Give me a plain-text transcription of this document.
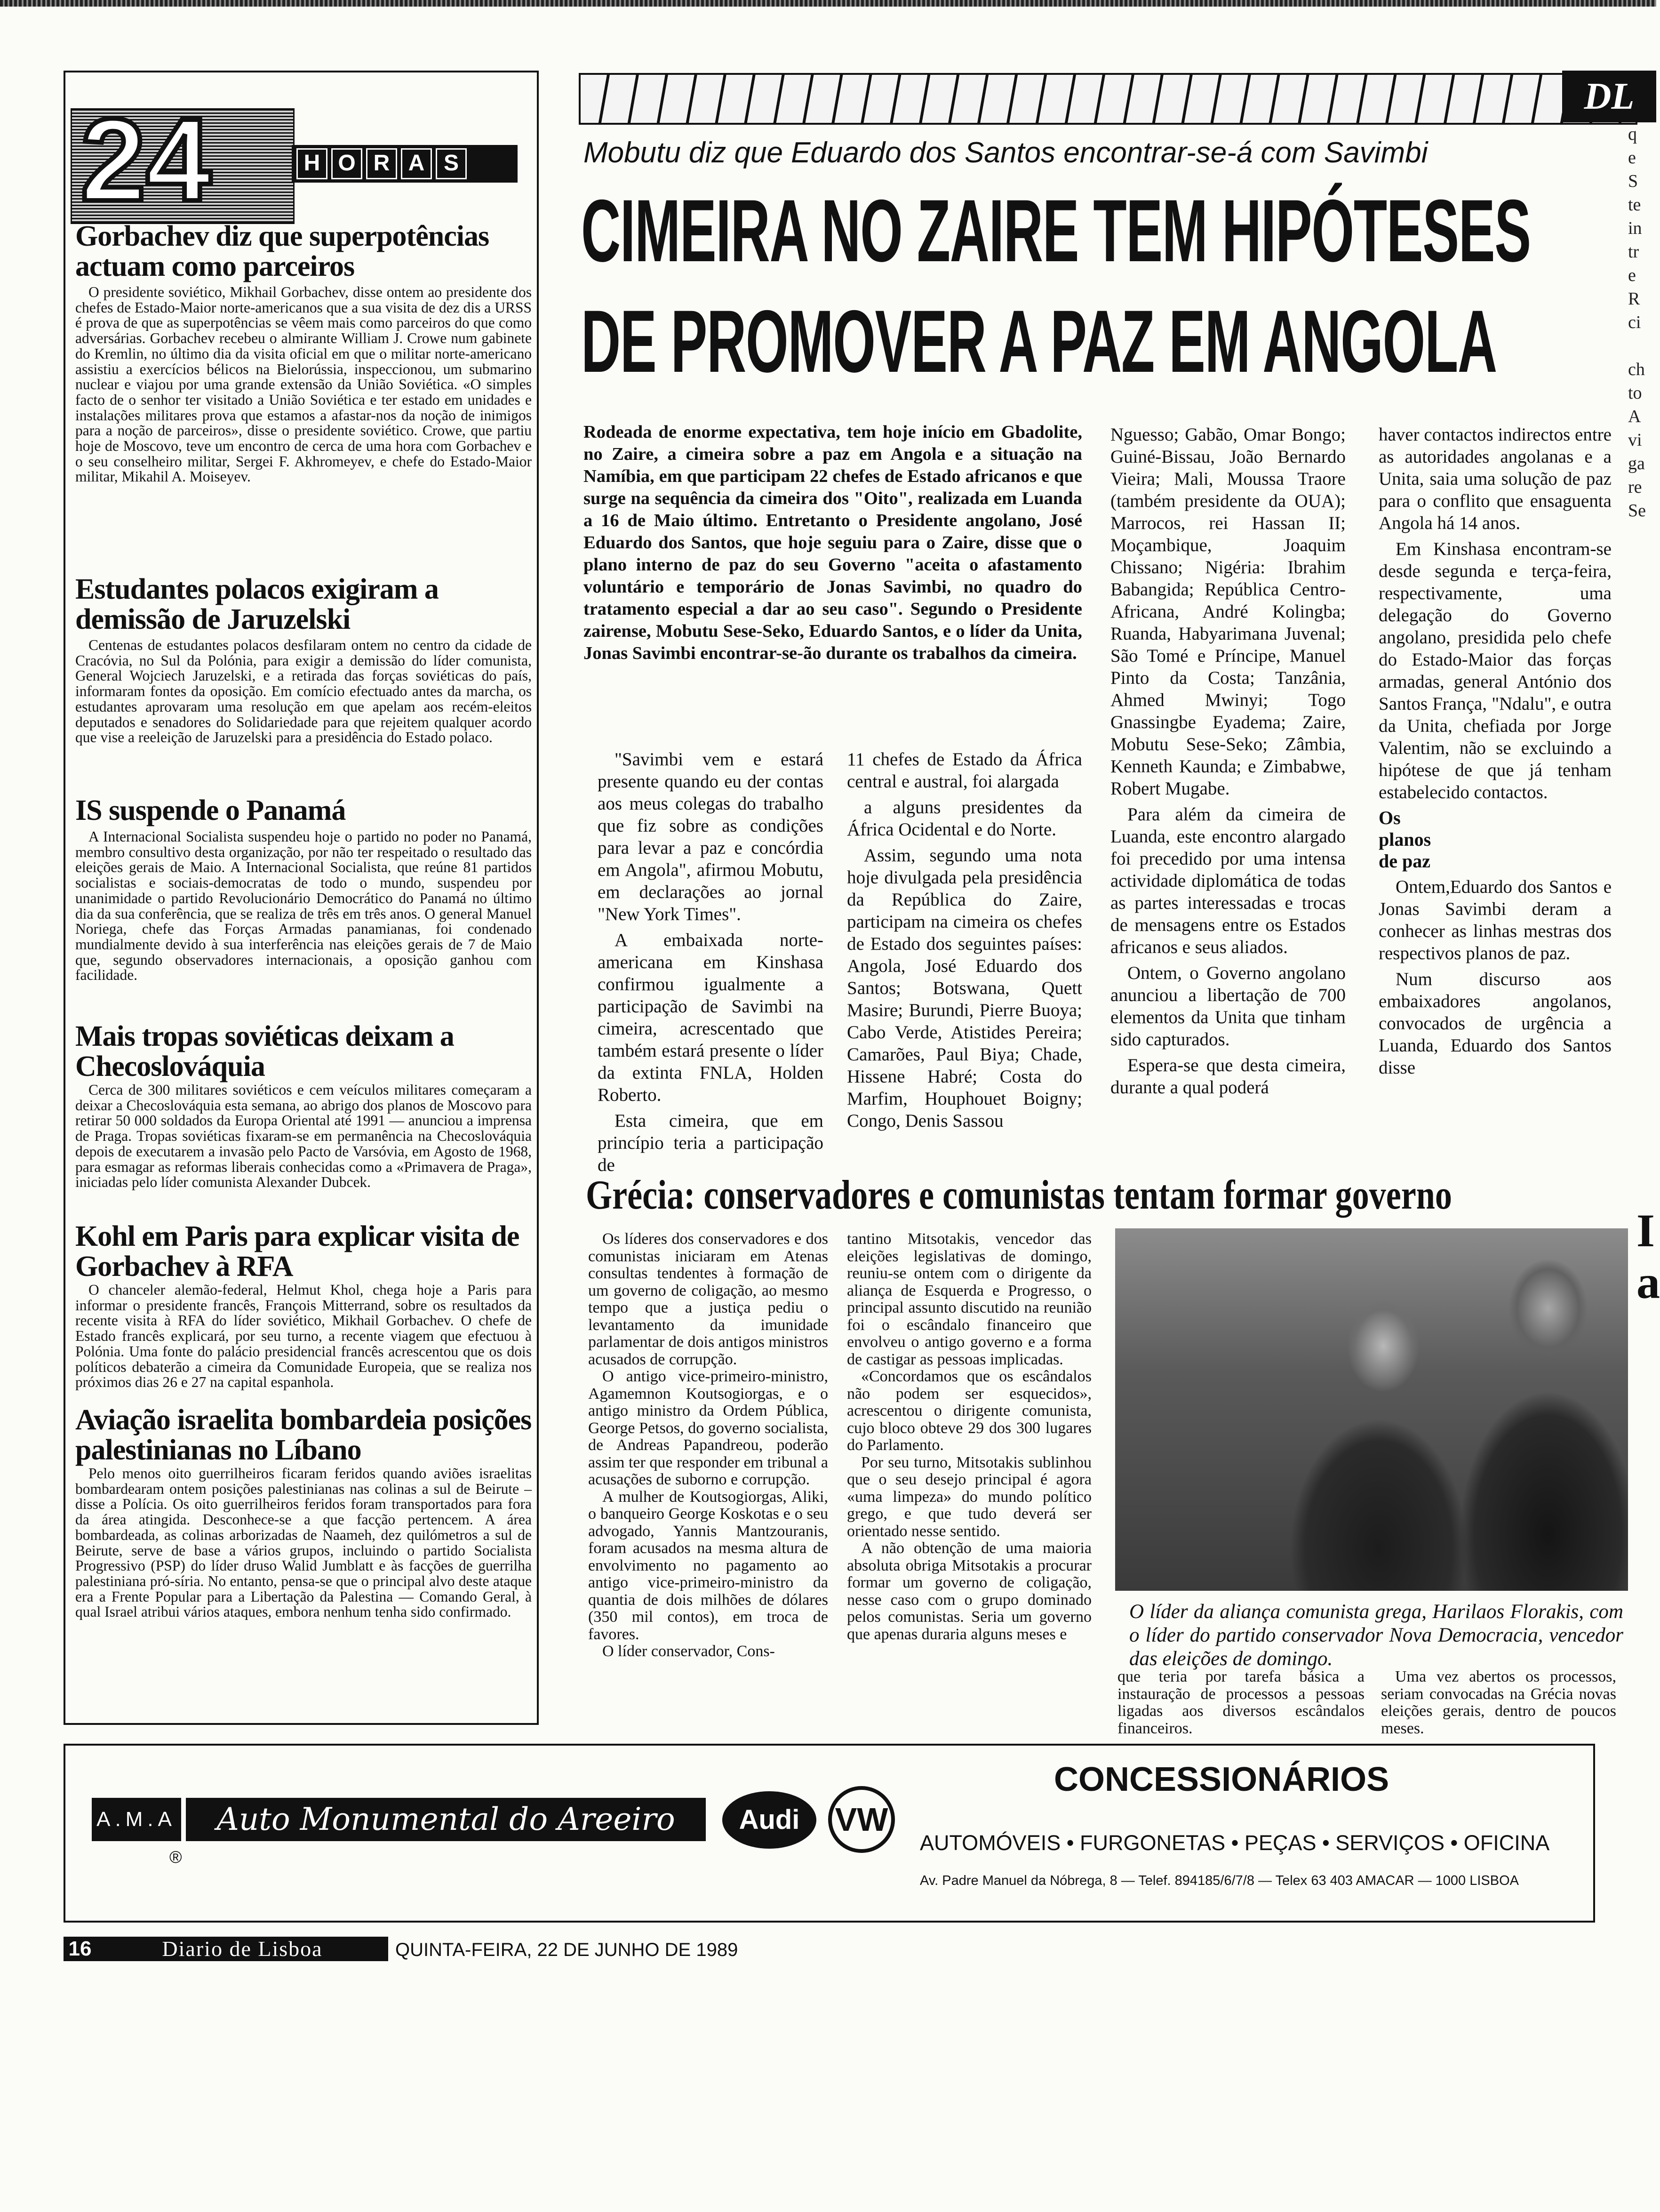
24	H O R A S
Gorbachev diz que superpotências actuam como parceiros

O presidente soviético, Mikhail Gorbachev, disse ontem ao presidente dos chefes de Estado-Maior norte-americanos que a sua visita de dez dis a URSS é prova de que as superpotências se vêem mais como parceiros do que como adversárias. Gorbachev recebeu o almirante William J. Crowe num gabinete do Kremlin, no último dia da visita oficial em que o militar norte-americano assistiu a exercícios bélicos na Bielorússia, inspeccionou, um submarino nuclear e viajou por uma grande extensão da União Soviética. «O simples facto de o senhor ter visitado a União Soviética e ter estado em unidades e instalações militares prova que estamos a afastar-nos da noção de inimigos para a noção de parceiros», disse o presidente soviético. Crowe, que partiu hoje de Moscovo, teve um encontro de cerca de uma hora com Gorbachev e o seu conselheiro militar, Sergei F. Akhromeyev, e chefe do Estado-Maior militar, Mikahil A. Moiseyev.

Estudantes polacos exigiram a demissão de Jaruzelski

Centenas de estudantes polacos desfilaram ontem no centro da cidade de Cracóvia, no Sul da Polónia, para exigir a demissão do líder comunista, General Wojciech Jaruzelski, e a retirada das forças soviéticas do país, informaram fontes da oposição. Em comício efectuado antes da marcha, os estudantes aprovaram uma resolução em que apelam aos recém-eleitos deputados e senadores do Solidariedade para que rejeitem qualquer acordo que vise a reeleição de Jaruzelski para a presidência do Estado polaco.

IS suspende o Panamá

A Internacional Socialista suspendeu hoje o partido no poder no Panamá, membro consultivo desta organização, por não ter respeitado o resultado das eleições gerais de Maio. A Internacional Socialista, que reúne 81 partidos socialistas e sociais-democratas de todo o mundo, suspendeu por unanimidade o partido Revolucionário Democrático do Panamá no último dia da sua conferência, que se realiza de três em três anos. O general Manuel Noriega, chefe das Forças Armadas panamianas, foi condenado mundialmente devido à sua interferência nas eleições gerais de 7 de Maio que, segundo observadores internacionais, a oposição ganhou com facilidade.

Mais tropas soviéticas deixam a Checoslováquia

Cerca de 300 militares soviéticos e cem veículos militares começaram a deixar a Checoslováquia esta semana, ao abrigo dos planos de Moscovo para retirar 50 000 soldados da Europa Oriental até 1991 — anunciou a imprensa de Praga. Tropas soviéticas fixaram-se em permanência na Checoslováquia depois de executarem a invasão pelo Pacto de Varsóvia, em Agosto de 1968, para esmagar as reformas liberais conhecidas como a «Primavera de Praga», iniciadas pelo líder comunista Alexander Dubcek.

Kohl em Paris para explicar visita de Gorbachev à RFA

O chanceler alemão-federal, Helmut Khol, chega hoje a Paris para informar o presidente francês, François Mitterrand, sobre os resultados da recente visita à RFA do líder soviético, Mikhail Gorbachev. O chefe de Estado francês explicará, por seu turno, a recente viagem que efectuou à Polónia. Uma fonte do palácio presidencial francês acrescentou que os dois políticos debaterão a cimeira da Comunidade Europeia, que se realiza nos próximos dias 26 e 27 na capital espanhola.

Aviação israelita bombardeia posições palestinianas no Líbano

Pelo menos oito guerrilheiros ficaram feridos quando aviões israelitas bombardearam ontem posições palestinianas nas colinas a sul de Beirute – disse a Polícia. Os oito guerrilheiros feridos foram transportados para fora da área atingida. Desconhece-se a que facção pertencem. A área bombardeada, as colinas arborizadas de Naameh, dez quilómetros a sul de Beirute, serve de base a vários grupos, incluindo o partido Socialista Progressivo (PSP) do líder druso Walid Jumblatt e às facções de guerrilha palestiniana pró-síria. No entanto, pensa-se que o principal alvo deste ataque era a Frente Popular para a Libertação da Palestina — Comando Geral, à qual Israel atribui vários ataques, embora nenhum tenha sido confirmado.

DL
Mobutu diz que Eduardo dos Santos encontrar-se-á com Savimbi
CIMEIRA NO ZAIRE TEM HIPÓTESES
DE PROMOVER A PAZ EM ANGOLA

Rodeada de enorme expectativa, tem hoje início em Gbadolite, no Zaire, a cimeira sobre a paz em Angola e a situação na Namíbia, em que participam 22 chefes de Estado africanos e que surge na sequência da cimeira dos "Oito", realizada em Luanda a 16 de Maio último. Entretanto o Presidente angolano, José Eduardo dos Santos, que hoje seguiu para o Zaire, disse que o plano interno de paz do seu Governo "aceita o afastamento voluntário e temporário de Jonas Savimbi, no quadro do tratamento especial a dar ao seu caso". Segundo o Presidente zairense, Mobutu Sese-Seko, Eduardo Santos, e o líder da Unita, Jonas Savimbi encontrar-se-ão durante os trabalhos da cimeira.

"Savimbi vem e estará presente quando eu der contas aos meus colegas do trabalho que fiz sobre as condições para levar a paz e concórdia em Angola", afirmou Mobutu, em declarações ao jornal "New York Times".

A embaixada norte-americana em Kinshasa confirmou igualmente a participação de Savimbi na cimeira, acrescentado que também estará presente o líder da extinta FNLA, Holden Roberto.

Esta cimeira, que em princípio teria a participação de

11 chefes de Estado da África central e austral, foi alargada

a alguns presidentes da África Ocidental e do Norte.

Assim, segundo uma nota hoje divulgada pela presidência da República do Zaire, participam na cimeira os chefes de Estado dos seguintes países: Angola, José Eduardo dos Santos; Botswana, Quett Masire; Burundi, Pierre Buoya; Cabo Verde, Atistides Pereira; Camarões, Paul Biya; Chade, Hissene Habré; Costa do Marfim, Houphouet Boigny; Congo, Denis Sassou

Nguesso; Gabão, Omar Bongo; Guiné-Bissau, João Bernardo Vieira; Mali, Moussa Traore (também presidente da OUA); Marrocos, rei Hassan II; Moçambique, Joaquim Chissano; Nigéria: Ibrahim Babangida; República Centro-Africana, André Kolingba; Ruanda, Habyarimana Juvenal; São Tomé e Príncipe, Manuel Pinto da Costa; Tanzânia, Ahmed Mwinyi; Togo Gnassingbe Eyadema; Zaire, Mobutu Sese-Seko; Zâmbia, Kenneth Kaunda; e Zimbabwe, Robert Mugabe.

Para além da cimeira de Luanda, este encontro alargado foi precedido por uma intensa actividade diplomática de todas as partes interessadas e trocas de mensagens entre os Estados africanos e seus aliados.

Ontem, o Governo angolano anunciou a libertação de 700 elementos da Unita que tinham sido capturados.

Espera-se que desta cimeira, durante a qual poderá

haver contactos indirectos entre as autoridades angolanas e a Unita, saia uma solução de paz para o conflito que ensaguenta Angola há 14 anos.

Em Kinshasa encontram-se desde segunda e terça-feira, respectivamente, uma delegação do Governo angolano, presidida pelo chefe do Estado-Maior das forças armadas, general António dos Santos França, "Ndalu", e outra da Unita, chefiada por Jorge Valentim, não se excluindo a hipótese de que já tenham estabelecido contactos.

Os planos de paz

Ontem,Eduardo dos Santos e Jonas Savimbi deram a conhecer as linhas mestras dos respectivos planos de paz.

Num discurso aos embaixadores angolanos, convocados de urgência a Luanda, Eduardo dos Santos disse

Grécia: conservadores e comunistas tentam formar governo

Os líderes dos conservadores e dos comunistas iniciaram em Atenas consultas tendentes à formação de um governo de coligação, ao mesmo tempo que a justiça pediu o levantamento da imunidade parlamentar de dois antigos ministros acusados de corrupção.

O antigo vice-primeiro-ministro, Agamemnon Koutsogiorgas, e o antigo ministro da Ordem Pública, George Petsos, do governo socialista, de Andreas Papandreou, poderão assim ter que responder em tribunal a acusações de suborno e corrupção.

A mulher de Koutsogiorgas, Aliki, o banqueiro George Koskotas e o seu advogado, Yannis Mantzouranis, foram acusados na mesma altura de envolvimento no pagamento ao antigo vice-primeiro-ministro da quantia de dois milhões de dólares (350 mil contos), em troca de favores.

O líder conservador, Cons-

tantino Mitsotakis, vencedor das eleições legislativas de domingo, reuniu-se ontem com o dirigente da aliança de Esquerda e Progresso, o principal assunto discutido na reunião foi o escândalo financeiro que envolveu o antigo governo e a forma de castigar as pessoas implicadas.

«Concordamos que os escândalos não podem ser esquecidos», acrescentou o dirigente comunista, cujo bloco obteve 29 dos 300 lugares do Parlamento.

Por seu turno, Mitsotakis sublinhou que o seu desejo principal é agora «uma limpeza» do mundo político grego, e que tudo deverá ser orientado nesse sentido.

A não obtenção de uma maioria absoluta obriga Mitsotakis a procurar formar um governo de coligação, nesse caso com o grupo dominado pelos comunistas. Seria um governo que apenas duraria alguns meses e

O líder da aliança comunista grega, Harilaos Florakis, com o líder do partido conservador Nova Democracia, vencedor das eleições de domingo.

que teria por tarefa básica a instauração de processos a pessoas ligadas aos diversos escândalos financeiros.

Uma vez abertos os processos, seriam convocadas na Grécia novas eleições gerais, dentro de poucos meses.

q
e
S
te
in
tr
e
R
ci

ch
to
A
vi
ga
re
Se
I
a
A.M.A	Auto Monumental do Areeiro
®
Audi	VW
CONCESSIONÁRIOS
AUTOMÓVEIS • FURGONETAS • PEÇAS • SERVIÇOS • OFICINA
Av. Padre Manuel da Nóbrega, 8 — Telef. 894185/6/7/8 — Telex 63 403 AMACAR — 1000 LISBOA
16	Diario de Lisboa	QUINTA-FEIRA, 22 DE JUNHO DE 1989
